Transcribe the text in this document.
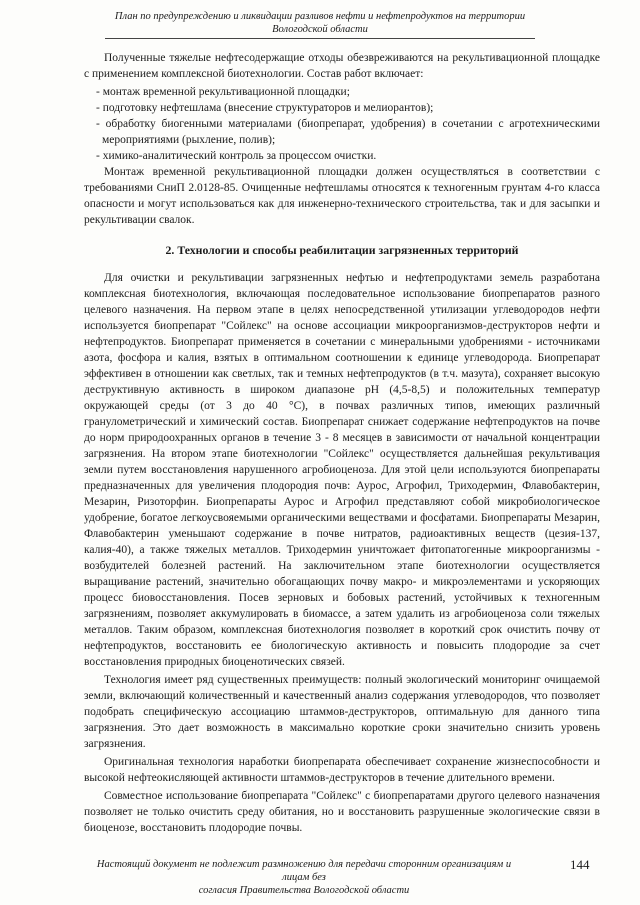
План по предупреждению и ликвидации разливов нефти и нефтепродуктов на территории
Вологодской области

Полученные тяжелые нефтесодержащие отходы обезвреживаются на рекультивационной площадке с применением комплексной биотехнологии. Состав работ включает:

- монтаж временной рекультивационной площадки;

- подготовку нефтешлама (внесение структураторов и мелиорантов);

- обработку биогенными материалами (биопрепарат, удобрения) в сочетании с агротехническими мероприятиями (рыхление, полив);

- химико-аналитический контроль за процессом очистки.

Монтаж временной рекультивационной площадки должен осуществляться в соответствии с требованиями СниП 2.0128-85. Очищенные нефтешламы относятся к техногенным грунтам 4-го класса опасности и могут использоваться как для инженерно-технического строительства, так и для засыпки и рекультивации свалок.

2. Технологии и способы реабилитации загрязненных территорий

Для очистки и рекультивации загрязненных нефтью и нефтепродуктами земель разработана комплексная биотехнология, включающая последовательное использование биопрепаратов разного целевого назначения. На первом этапе в целях непосредственной утилизации углеводородов нефти используется биопрепарат "Сойлекс" на основе ассоциации микроорганизмов-деструкторов нефти и нефтепродуктов. Биопрепарат применяется в сочетании с минеральными удобрениями - источниками азота, фосфора и калия, взятых в оптимальном соотношении к единице углеводорода. Биопрепарат эффективен в отношении как светлых, так и темных нефтепродуктов (в т.ч. мазута), сохраняет высокую деструктивную активность в широком диапазоне pH (4,5-8,5) и положительных температур окружающей среды (от 3 до 40 °С), в почвах различных типов, имеющих различный гранулометрический и химический состав. Биопрепарат снижает содержание нефтепродуктов на почве до норм природоохранных органов в течение 3 - 8 месяцев в зависимости от начальной концентрации загрязнения. На втором этапе биотехнологии "Сойлекс" осуществляется дальнейшая рекультивация земли путем восстановления нарушенного агробиоценоза. Для этой цели используются биопрепараты предназначенных для увеличения плодородия почв: Аурос, Агрофил, Триходермин, Флавобактерин, Мезарин, Ризоторфин. Биопрепараты Аурос и Агрофил представляют собой микробиологическое удобрение, богатое легкоусвояемыми органическими веществами и фосфатами. Биопрепараты Мезарин, Флавобактерин уменьшают содержание в почве нитратов, радиоактивных веществ (цезия-137, калия-40), а также тяжелых металлов. Триходермин уничтожает фитопатогенные микроорганизмы - возбудителей болезней растений. На заключительном этапе биотехнологии осуществляется выращивание растений, значительно обогащающих почву макро- и микроэлементами и ускоряющих процесс биовосстановления. Посев зерновых и бобовых растений, устойчивых к техногенным загрязнениям, позволяет аккумулировать в биомассе, а затем удалить из агробиоценоза соли тяжелых металлов. Таким образом, комплексная биотехнология позволяет в короткий срок очистить почву от нефтепродуктов, восстановить ее биологическую активность и повысить плодородие за счет восстановления природных биоценотических связей.

Технология имеет ряд существенных преимуществ: полный экологический мониторинг очищаемой земли, включающий количественный и качественный анализ содержания углеводородов, что позволяет подобрать специфическую ассоциацию штаммов-деструкторов, оптимальную для данного типа загрязнения. Это дает возможность в максимально короткие сроки значительно снизить уровень загрязнения.

Оригинальная технология наработки биопрепарата обеспечивает сохранение жизнеспособности и высокой нефтеокисляющей активности штаммов-деструкторов в течение длительного времени.

Совместное использование биопрепарата "Сойлекс" с биопрепаратами другого целевого назначения позволяет не только очистить среду обитания, но и восстановить разрушенные экологические связи в биоценозе, восстановить плодородие почвы.

Настоящий документ не подлежит размножению для передачи сторонним организациям и лицам без
согласия Правительства Вологодской области
144
